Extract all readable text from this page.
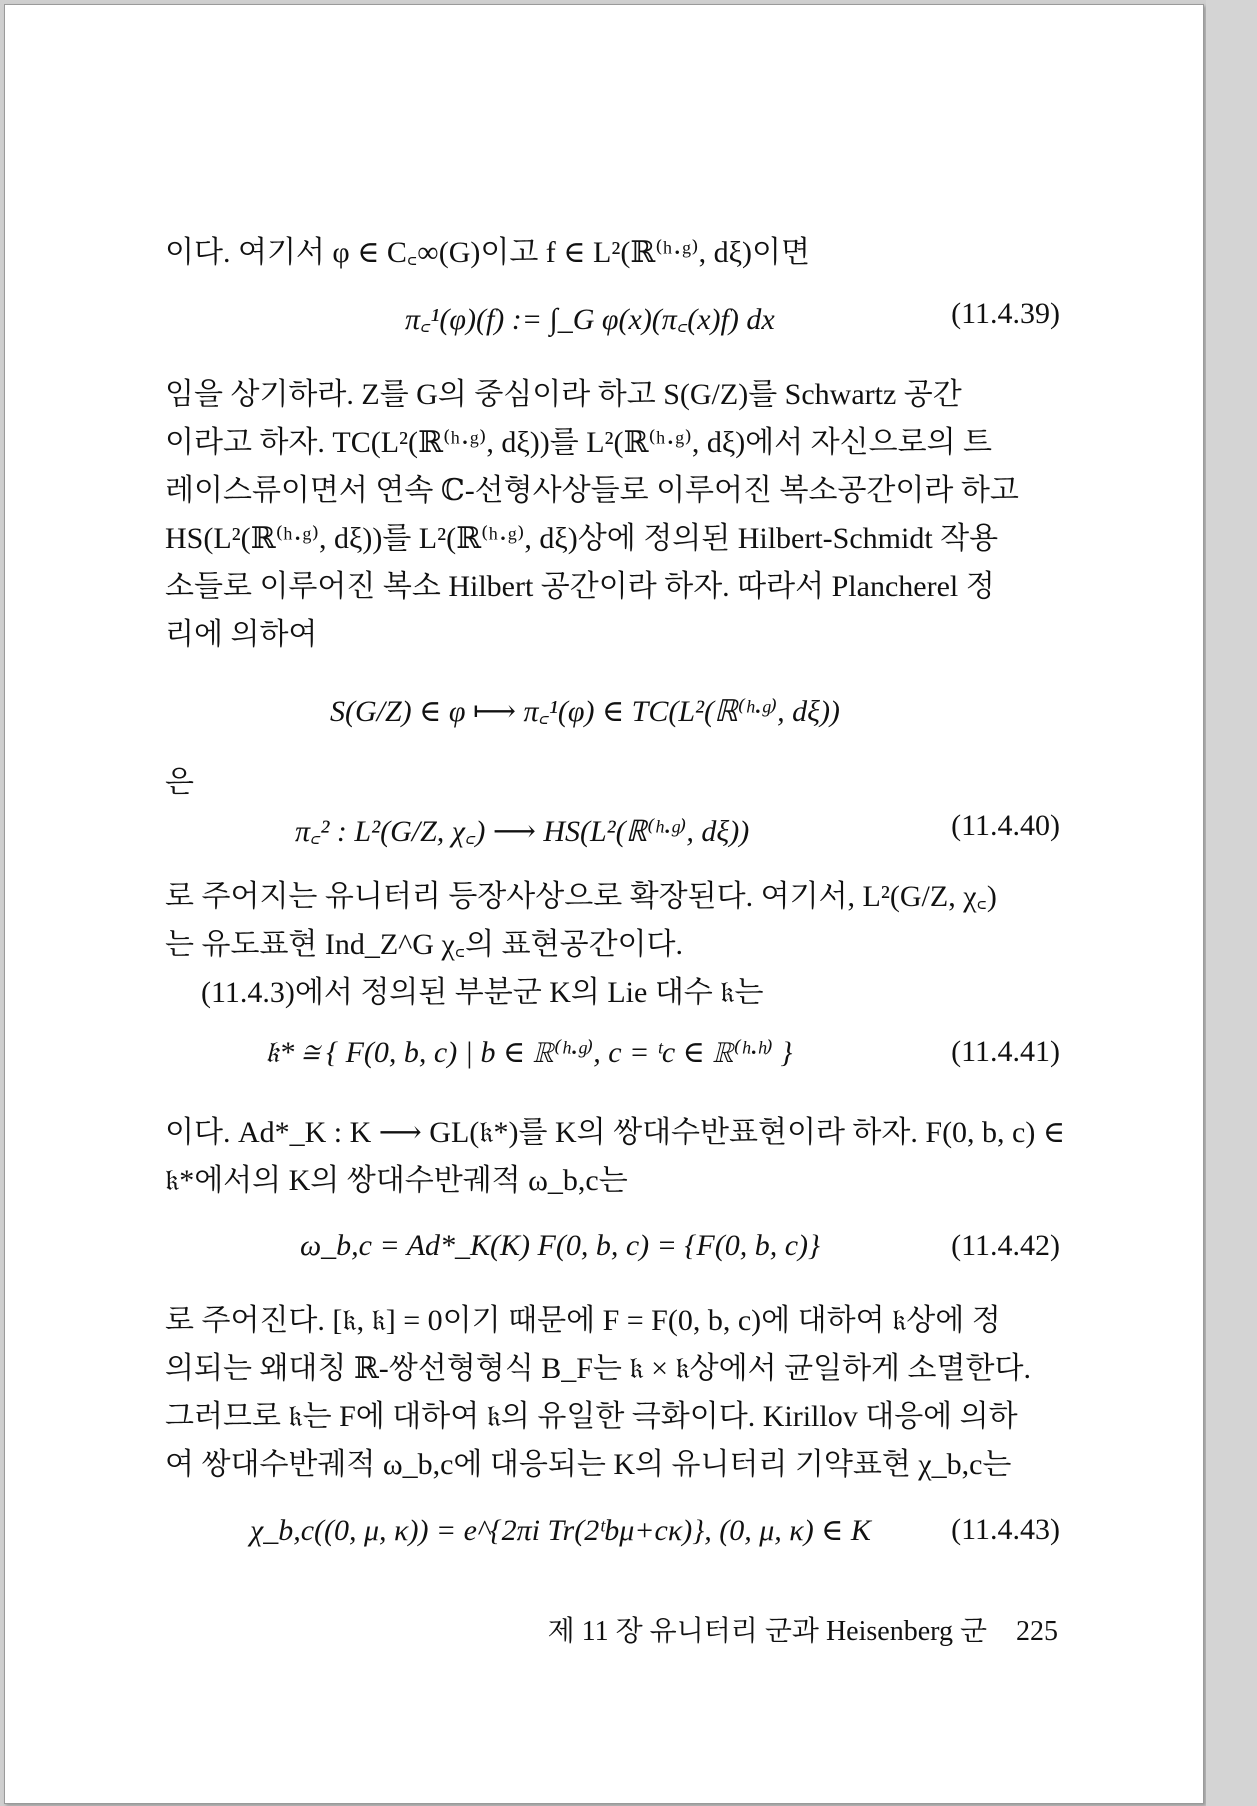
이다. 여기서 φ ∈ C꜀∞(G)이고 f ∈ L²(ℝ⁽ʰ·ᵍ⁾, dξ)이면
π꜀¹(φ)(f) := ∫_G φ(x)(π꜀(x)f) dx	(11.4.39)
임을 상기하라. Z를 G의 중심이라 하고 S(G/Z)를 Schwartz 공간
이라고 하자. TC(L²(ℝ⁽ʰ·ᵍ⁾, dξ))를 L²(ℝ⁽ʰ·ᵍ⁾, dξ)에서 자신으로의 트
레이스류이면서 연속 ℂ-선형사상들로 이루어진 복소공간이라 하고
HS(L²(ℝ⁽ʰ·ᵍ⁾, dξ))를 L²(ℝ⁽ʰ·ᵍ⁾, dξ)상에 정의된 Hilbert-Schmidt 작용
소들로 이루어진 복소 Hilbert 공간이라 하자. 따라서 Plancherel 정
리에 의하여
S(G/Z) ∈ φ ⟼ π꜀¹(φ) ∈ TC(L²(ℝ⁽ʰ·ᵍ⁾, dξ))
은
π꜀² : L²(G/Z, χ꜀) ⟶ HS(L²(ℝ⁽ʰ·ᵍ⁾, dξ))	(11.4.40)
로 주어지는 유니터리 등장사상으로 확장된다. 여기서, L²(G/Z, χ꜀)
는 유도표현 Ind_Z^G χ꜀의 표현공간이다.
(11.4.3)에서 정의된 부분군 K의 Lie 대수 𝔨는
𝔨* ≅ { F(0, b, c) | b ∈ ℝ⁽ʰ·ᵍ⁾, c = ᵗc ∈ ℝ⁽ʰ·ʰ⁾ }	(11.4.41)
이다. Ad*_K : K ⟶ GL(𝔨*)를 K의 쌍대수반표현이라 하자. F(0, b, c) ∈
𝔨*에서의 K의 쌍대수반궤적 ω_b,c는
ω_b,c = Ad*_K(K) F(0, b, c) = {F(0, b, c)}	(11.4.42)
로 주어진다. [𝔨, 𝔨] = 0이기 때문에 F = F(0, b, c)에 대하여 𝔨상에 정
의되는 왜대칭 ℝ-쌍선형형식 B_F는 𝔨 × 𝔨상에서 균일하게 소멸한다.
그러므로 𝔨는 F에 대하여 𝔨의 유일한 극화이다. Kirillov 대응에 의하
여 쌍대수반궤적 ω_b,c에 대응되는 K의 유니터리 기약표현 χ_b,c는
χ_b,c((0, μ, κ)) = e^{2πi Tr(2ᵗbμ+cκ)}, (0, μ, κ) ∈ K	(11.4.43)
제 11 장 유니터리 군과 Heisenberg 군 225
